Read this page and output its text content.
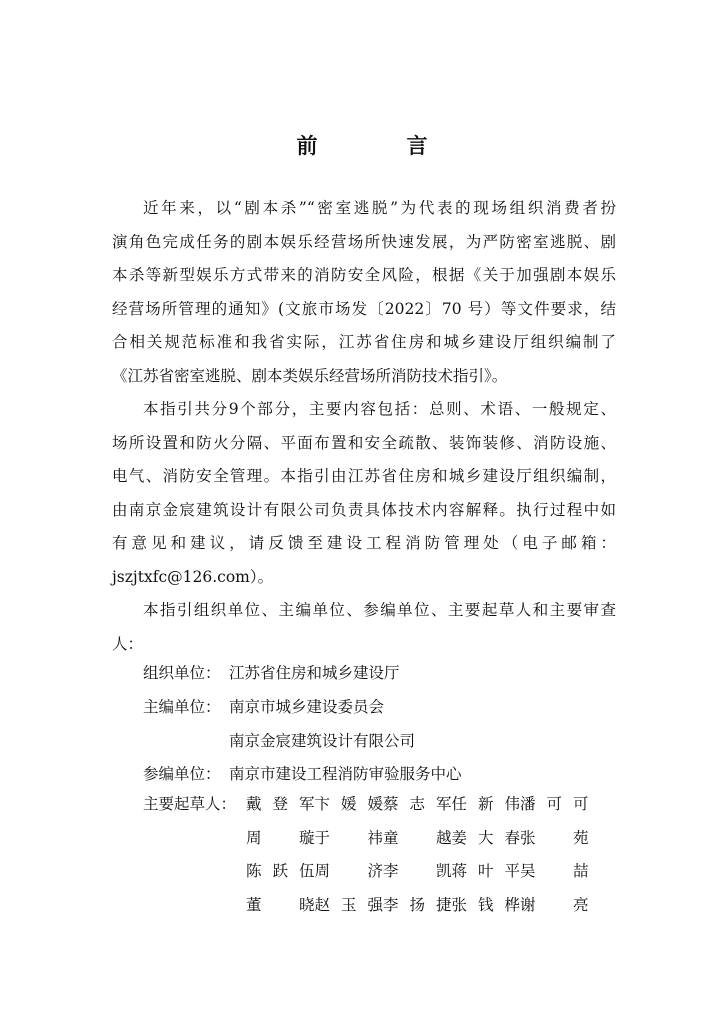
前　言
近年来，以“剧本杀”“密室逃脱”为代表的现场组织消费者扮
演角色完成任务的剧本娱乐经营场所快速发展，为严防密室逃脱、剧
本杀等新型娱乐方式带来的消防安全风险，根据《关于加强剧本娱乐
经营场所管理的通知》(文旅市场发〔2022〕70 号）等文件要求，结
合相关规范标准和我省实际，江苏省住房和城乡建设厅组织编制了
《江苏省密室逃脱、剧本类娱乐经营场所消防技术指引》。
本指引共分9个部分，主要内容包括：总则、术语、一般规定、
场所设置和防火分隔、平面布置和安全疏散、装饰装修、消防设施、
电气、消防安全管理。本指引由江苏省住房和城乡建设厅组织编制，
由南京金宸建筑设计有限公司负责具体技术内容解释。执行过程中如
有意见和建议，请反馈至建设工程消防管理处（电子邮箱：
jszjtxfc@126.com）。
本指引组织单位、主编单位、参编单位、主要起草人和主要审查
人：
组织单位： 江苏省住房和城乡建设厅
主编单位： 南京市城乡建设委员会
南京金宸建筑设计有限公司
参编单位： 南京市建设工程消防审验服务中心
主要起草人： 戴登军 卞媛媛 蔡志军 任新伟 潘可可
周　璇 于　祎 童　越 姜大春 张　苑
陈跃伍 周　济 李　凯 蒋叶平 吴　喆
董　晓 赵玉强 李扬捷 张钱桦 谢　亮
